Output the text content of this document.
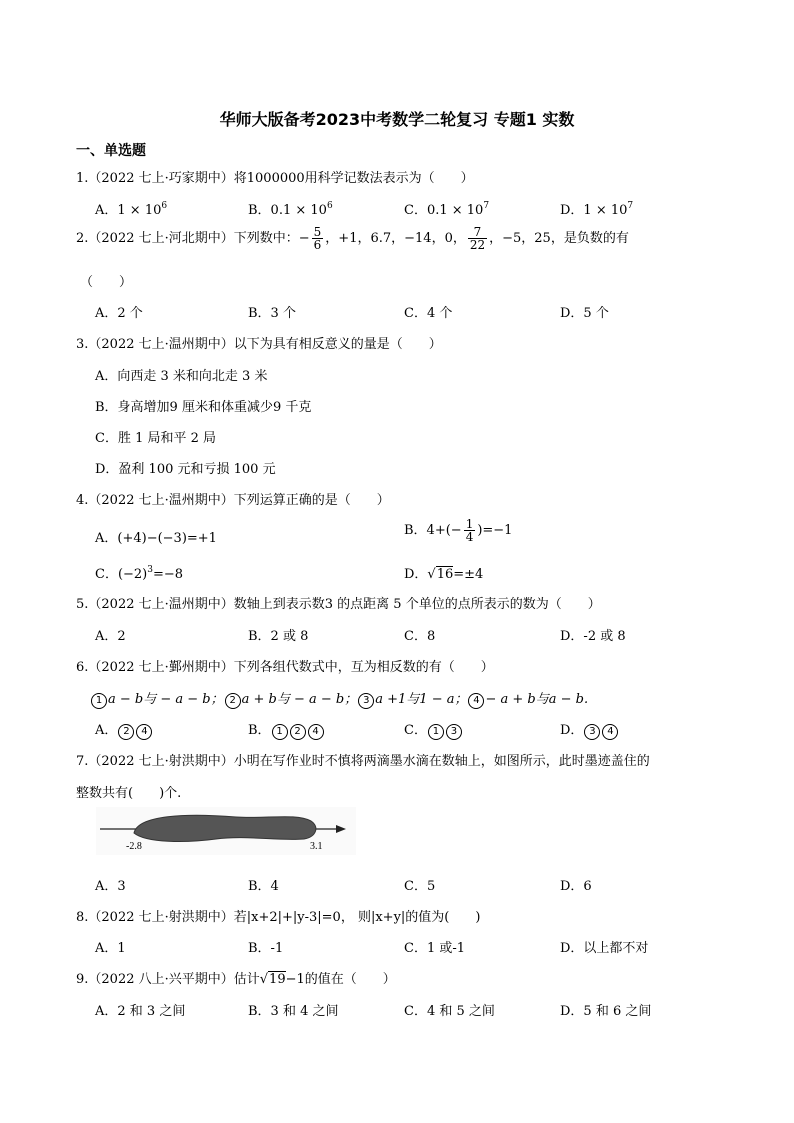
华师大版备考2023中考数学二轮复习 专题1 实数
一、单选题
1.（2022 七上·巧家期中）将1000000用科学记数法表示为（　　）
A．$1 \times 10^6$	B．$0.1 \times 10^6$	C．$0.1 \times 10^7$	D．$1 \times 10^7$
2.（2022 七上·河北期中）下列数中：− $\frac{5}{6}$ ，+1，6.7，−14，0， $\frac{7}{22}$ ，−5，25，是负数的有
（　　）
A．2 个	B．3 个	C．4 个	D．5 个
3.（2022 七上·温州期中）以下为具有相反意义的量是（　　）
A．向西走 3 米和向北走 3 米
B．身高增加9 厘米和体重减少9 千克
C．胜 1 局和平 2 局
D．盈利 100 元和亏损 100 元
4.（2022 七上·温州期中）下列运算正确的是（　　）
A．(+4)−(−3)=+1
B．$4+(- \frac{1}{4} )=-1$
C．$(-2)^3=-8$	D．√16=±4
5.（2022 七上·温州期中）数轴上到表示数3 的点距离 5 个单位的点所表示的数为（　　）
A．2	B．2 或 8	C．8	D．-2 或 8
6.（2022 七上·鄞州期中）下列各组代数式中，互为相反数的有（　　）
1 a − b与 − a − b； 2 a + b与 − a − b； 3 a +1与1 − a； 4 − a + b与a − b.
A． 2 4	B． 1 2 4	C． 1 3	D． 3 4
7.（2022 七上·射洪期中）小明在写作业时不慎将两滴墨水滴在数轴上，如图所示，此时墨迹盖住的
整数共有(　　)个.
-2.8	3.1
A．3	B．4	C．5	D．6
8.（2022 七上·射洪期中）若|x+2|+|y-3|=0， 则|x+y|的值为(　　)
A．1	B．-1	C．1 或-1	D．以上都不对
9.（2022 八上·兴平期中）估计√19−1的值在（　　）
A．2 和 3 之间	B．3 和 4 之间	C．4 和 5 之间	D．5 和 6 之间
